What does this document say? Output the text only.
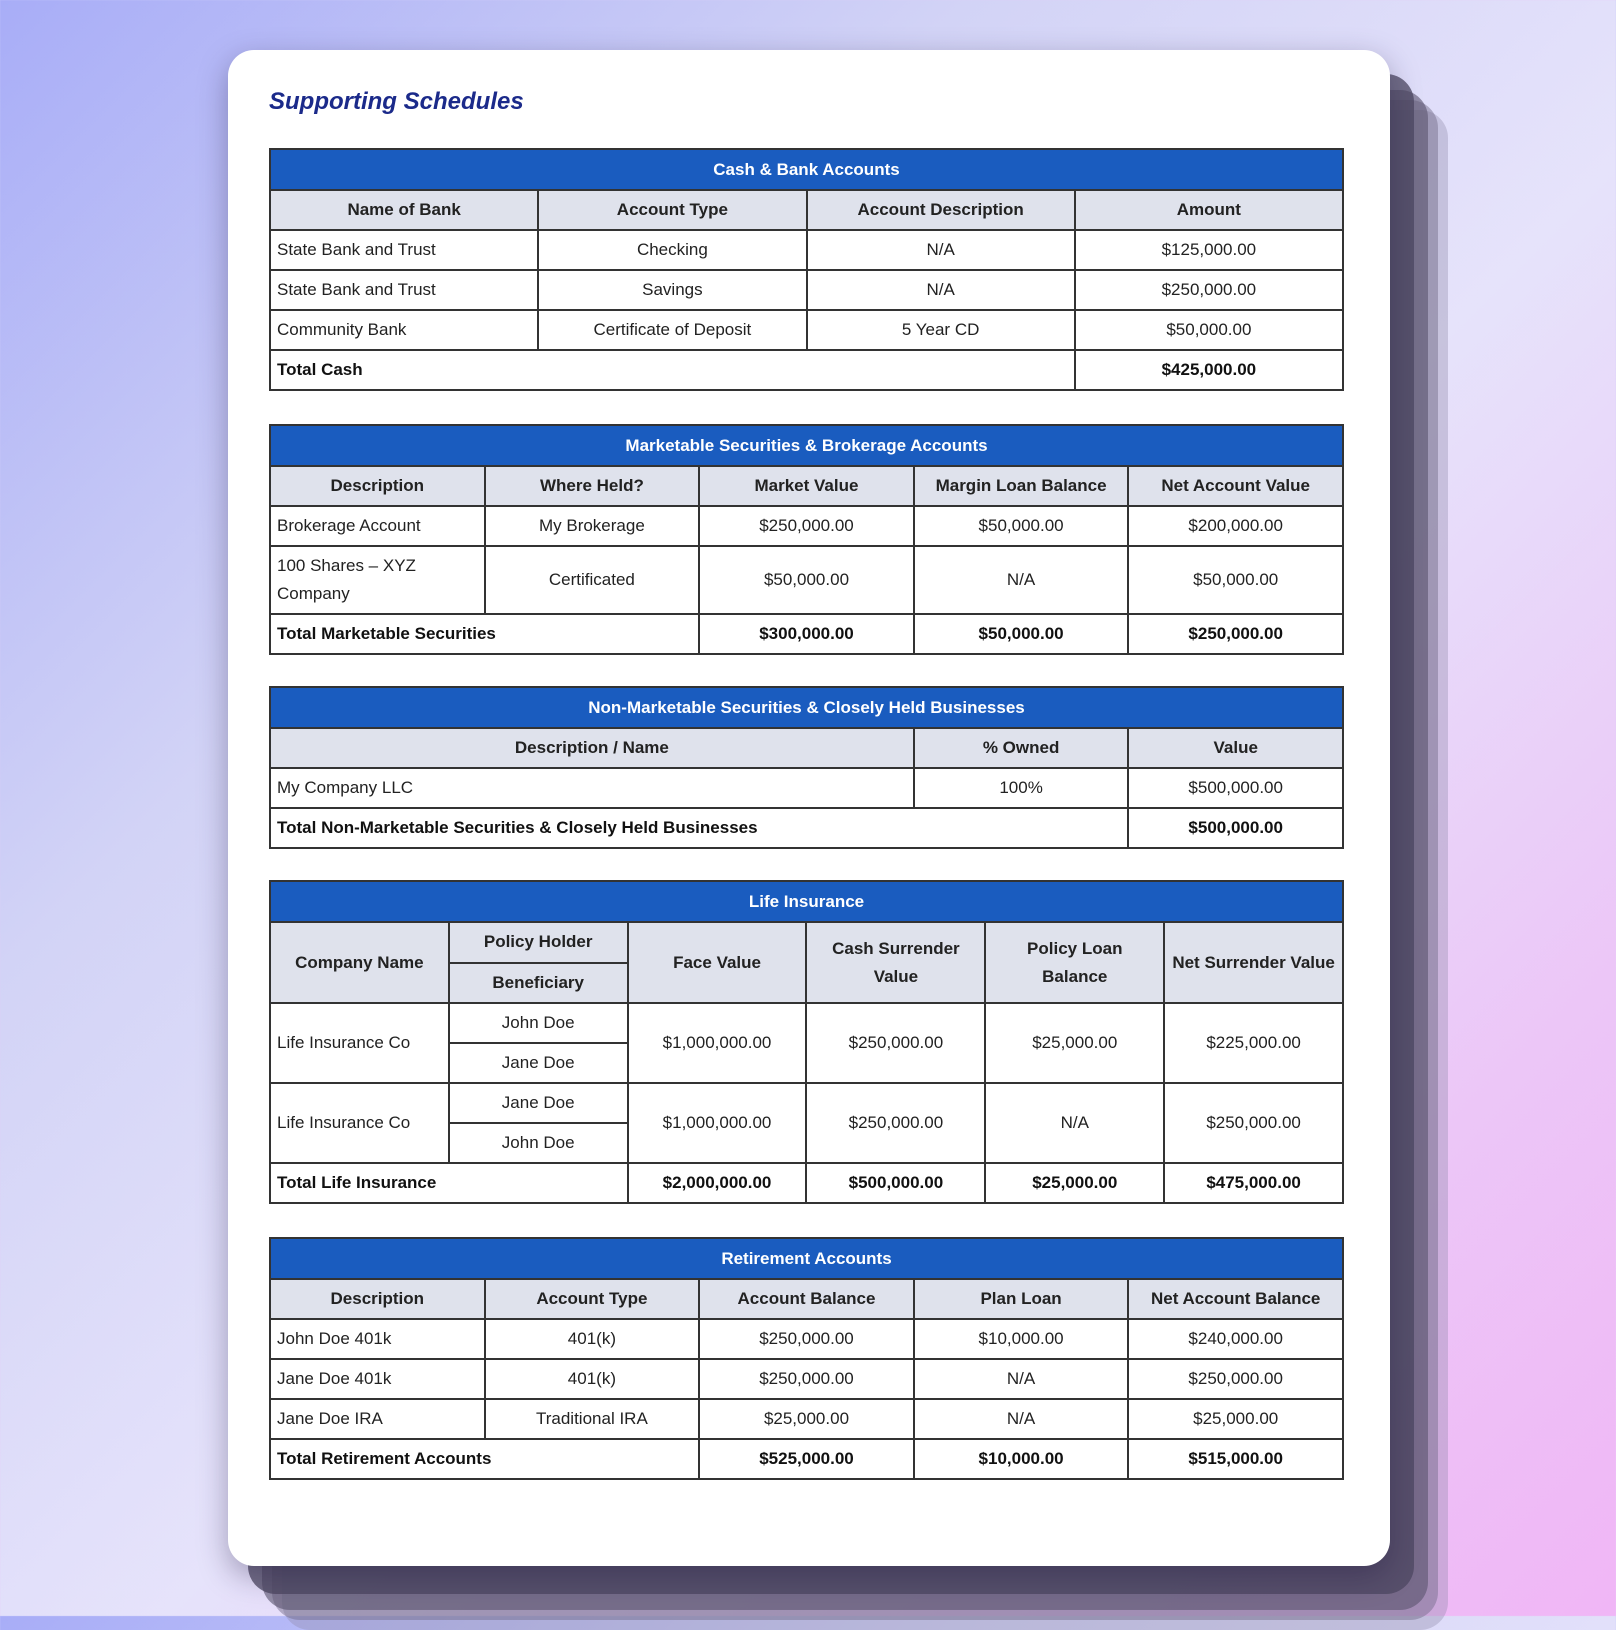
Supporting Schedules
Cash & Bank Accounts			
Name of Bank	Account Type	Account Description	Amount
State Bank and Trust	Checking	N/A	$125,000.00
State Bank and Trust	Savings	N/A	$250,000.00
Community Bank	Certificate of Deposit	5 Year CD	$50,000.00
Total Cash			$425,000.00
Marketable Securities & Brokerage Accounts				
Description	Where Held?	Market Value	Margin Loan Balance	Net Account Value
Brokerage Account	My Brokerage	$250,000.00	$50,000.00	$200,000.00
100 Shares – XYZ Company	Certificated	$50,000.00	N/A	$50,000.00
Total Marketable Securities		$300,000.00	$50,000.00	$250,000.00
Non-Marketable Securities & Closely Held Businesses		
Description / Name	% Owned	Value
My Company LLC	100%	$500,000.00
Total Non-Marketable Securities & Closely Held Businesses		$500,000.00
Life Insurance					
Company Name	Policy Holder	Face Value	Cash Surrender Value	Policy Loan Balance	Net Surrender Value
	Beneficiary				
Life Insurance Co	John Doe	$1,000,000.00	$250,000.00	$25,000.00	$225,000.00
	Jane Doe				
Life Insurance Co	Jane Doe	$1,000,000.00	$250,000.00	N/A	$250,000.00
	John Doe				
Total Life Insurance		$2,000,000.00	$500,000.00	$25,000.00	$475,000.00
Retirement Accounts				
Description	Account Type	Account Balance	Plan Loan	Net Account Balance
John Doe 401k	401(k)	$250,000.00	$10,000.00	$240,000.00
Jane Doe 401k	401(k)	$250,000.00	N/A	$250,000.00
Jane Doe IRA	Traditional IRA	$25,000.00	N/A	$25,000.00
Total Retirement Accounts		$525,000.00	$10,000.00	$515,000.00
